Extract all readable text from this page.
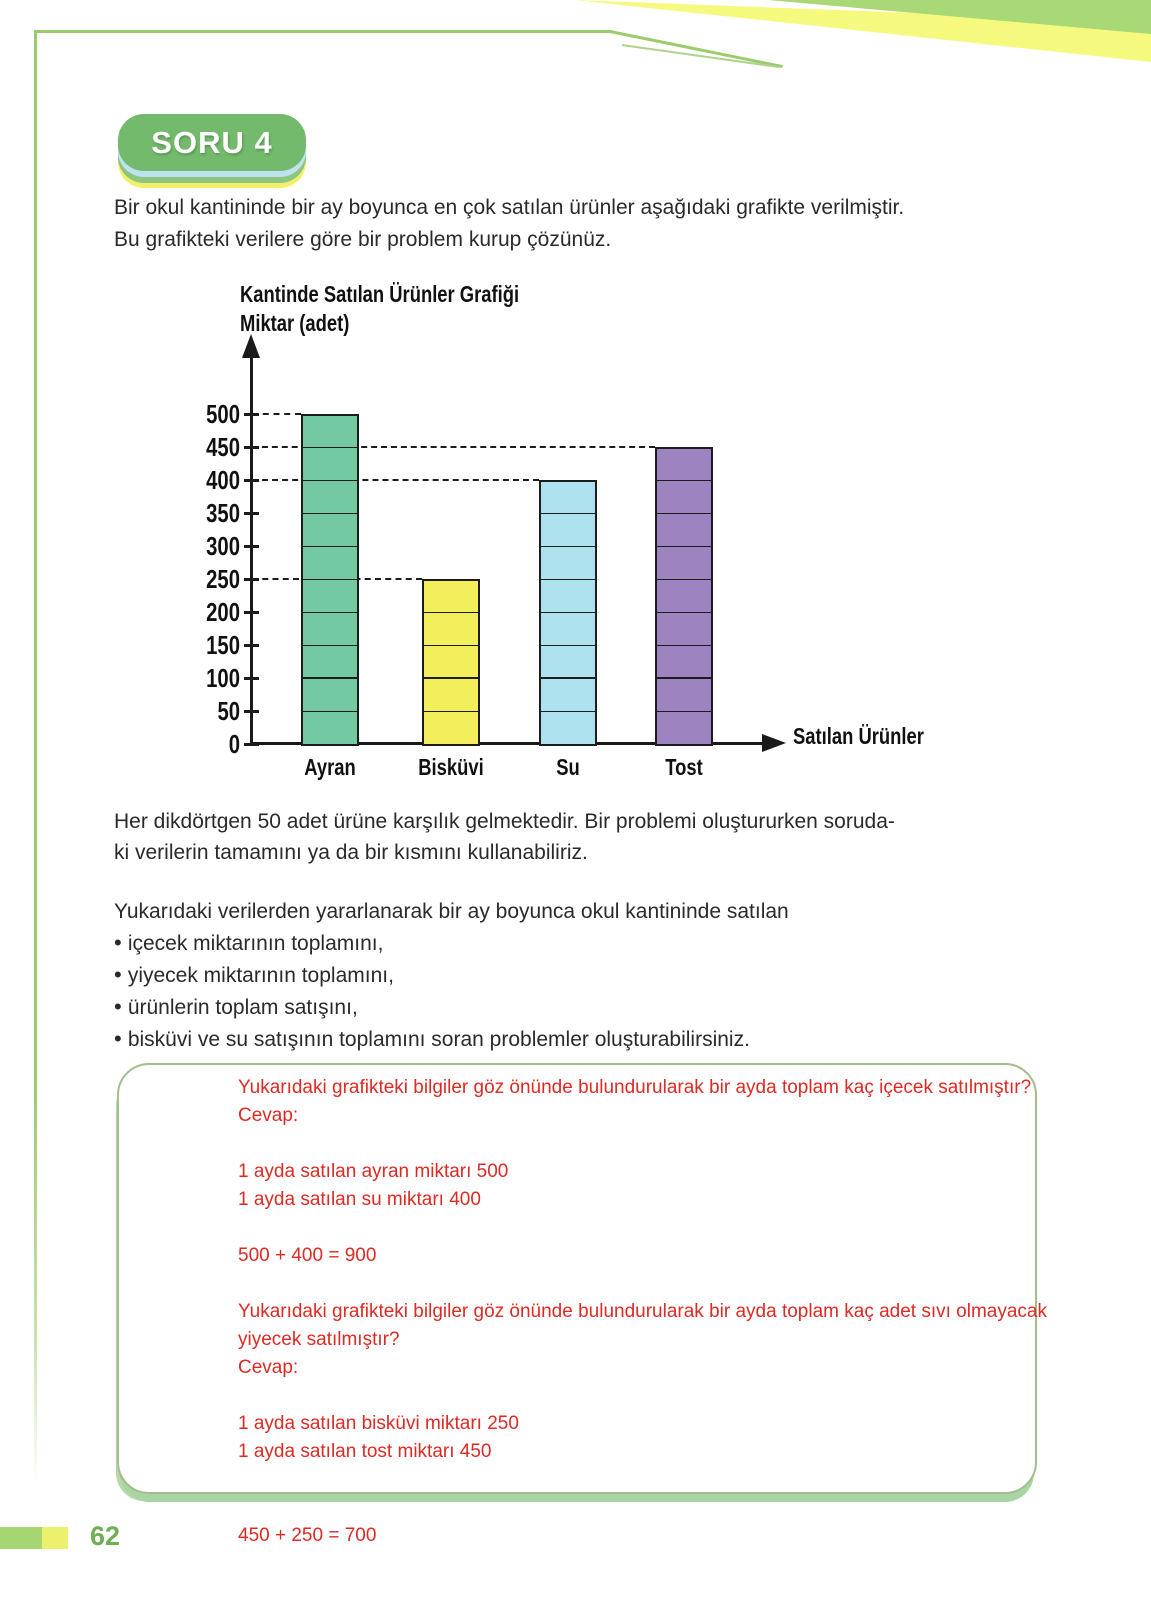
SORU 4
Bir okul kantininde bir ay boyunca en çok satılan ürünler aşağıdaki grafikte verilmiştir.
Bu grafikteki verilere göre bir problem kurup çözünüz.
Kantinde Satılan Ürünler Grafiği
Miktar (adet)
Satılan Ürünler
0
50
100
150
200
250
300
350
400
450
500
Ayran	Bisküvi	Su	Tost
Her dikdörtgen 50 adet ürüne karşılık gelmektedir. Bir problemi oluştururken soruda-
ki verilerin tamamını ya da bir kısmını kullanabiliriz.
Yukarıdaki verilerden yararlanarak bir ay boyunca okul kantininde satılan
• içecek miktarının toplamını,
• yiyecek miktarının toplamını,
• ürünlerin toplam satışını,
• bisküvi ve su satışının toplamını soran problemler oluşturabilirsiniz.
Yukarıdaki grafikteki bilgiler göz önünde bulundurularak bir ayda toplam kaç içecek satılmıştır?
Cevap:
1 ayda satılan ayran miktarı 500
1 ayda satılan su miktarı 400
500 + 400 = 900
Yukarıdaki grafikteki bilgiler göz önünde bulundurularak bir ayda toplam kaç adet sıvı olmayacak
yiyecek satılmıştır?
Cevap:
1 ayda satılan bisküvi miktarı 250
1 ayda satılan tost miktarı 450
450 + 250 = 700
62
